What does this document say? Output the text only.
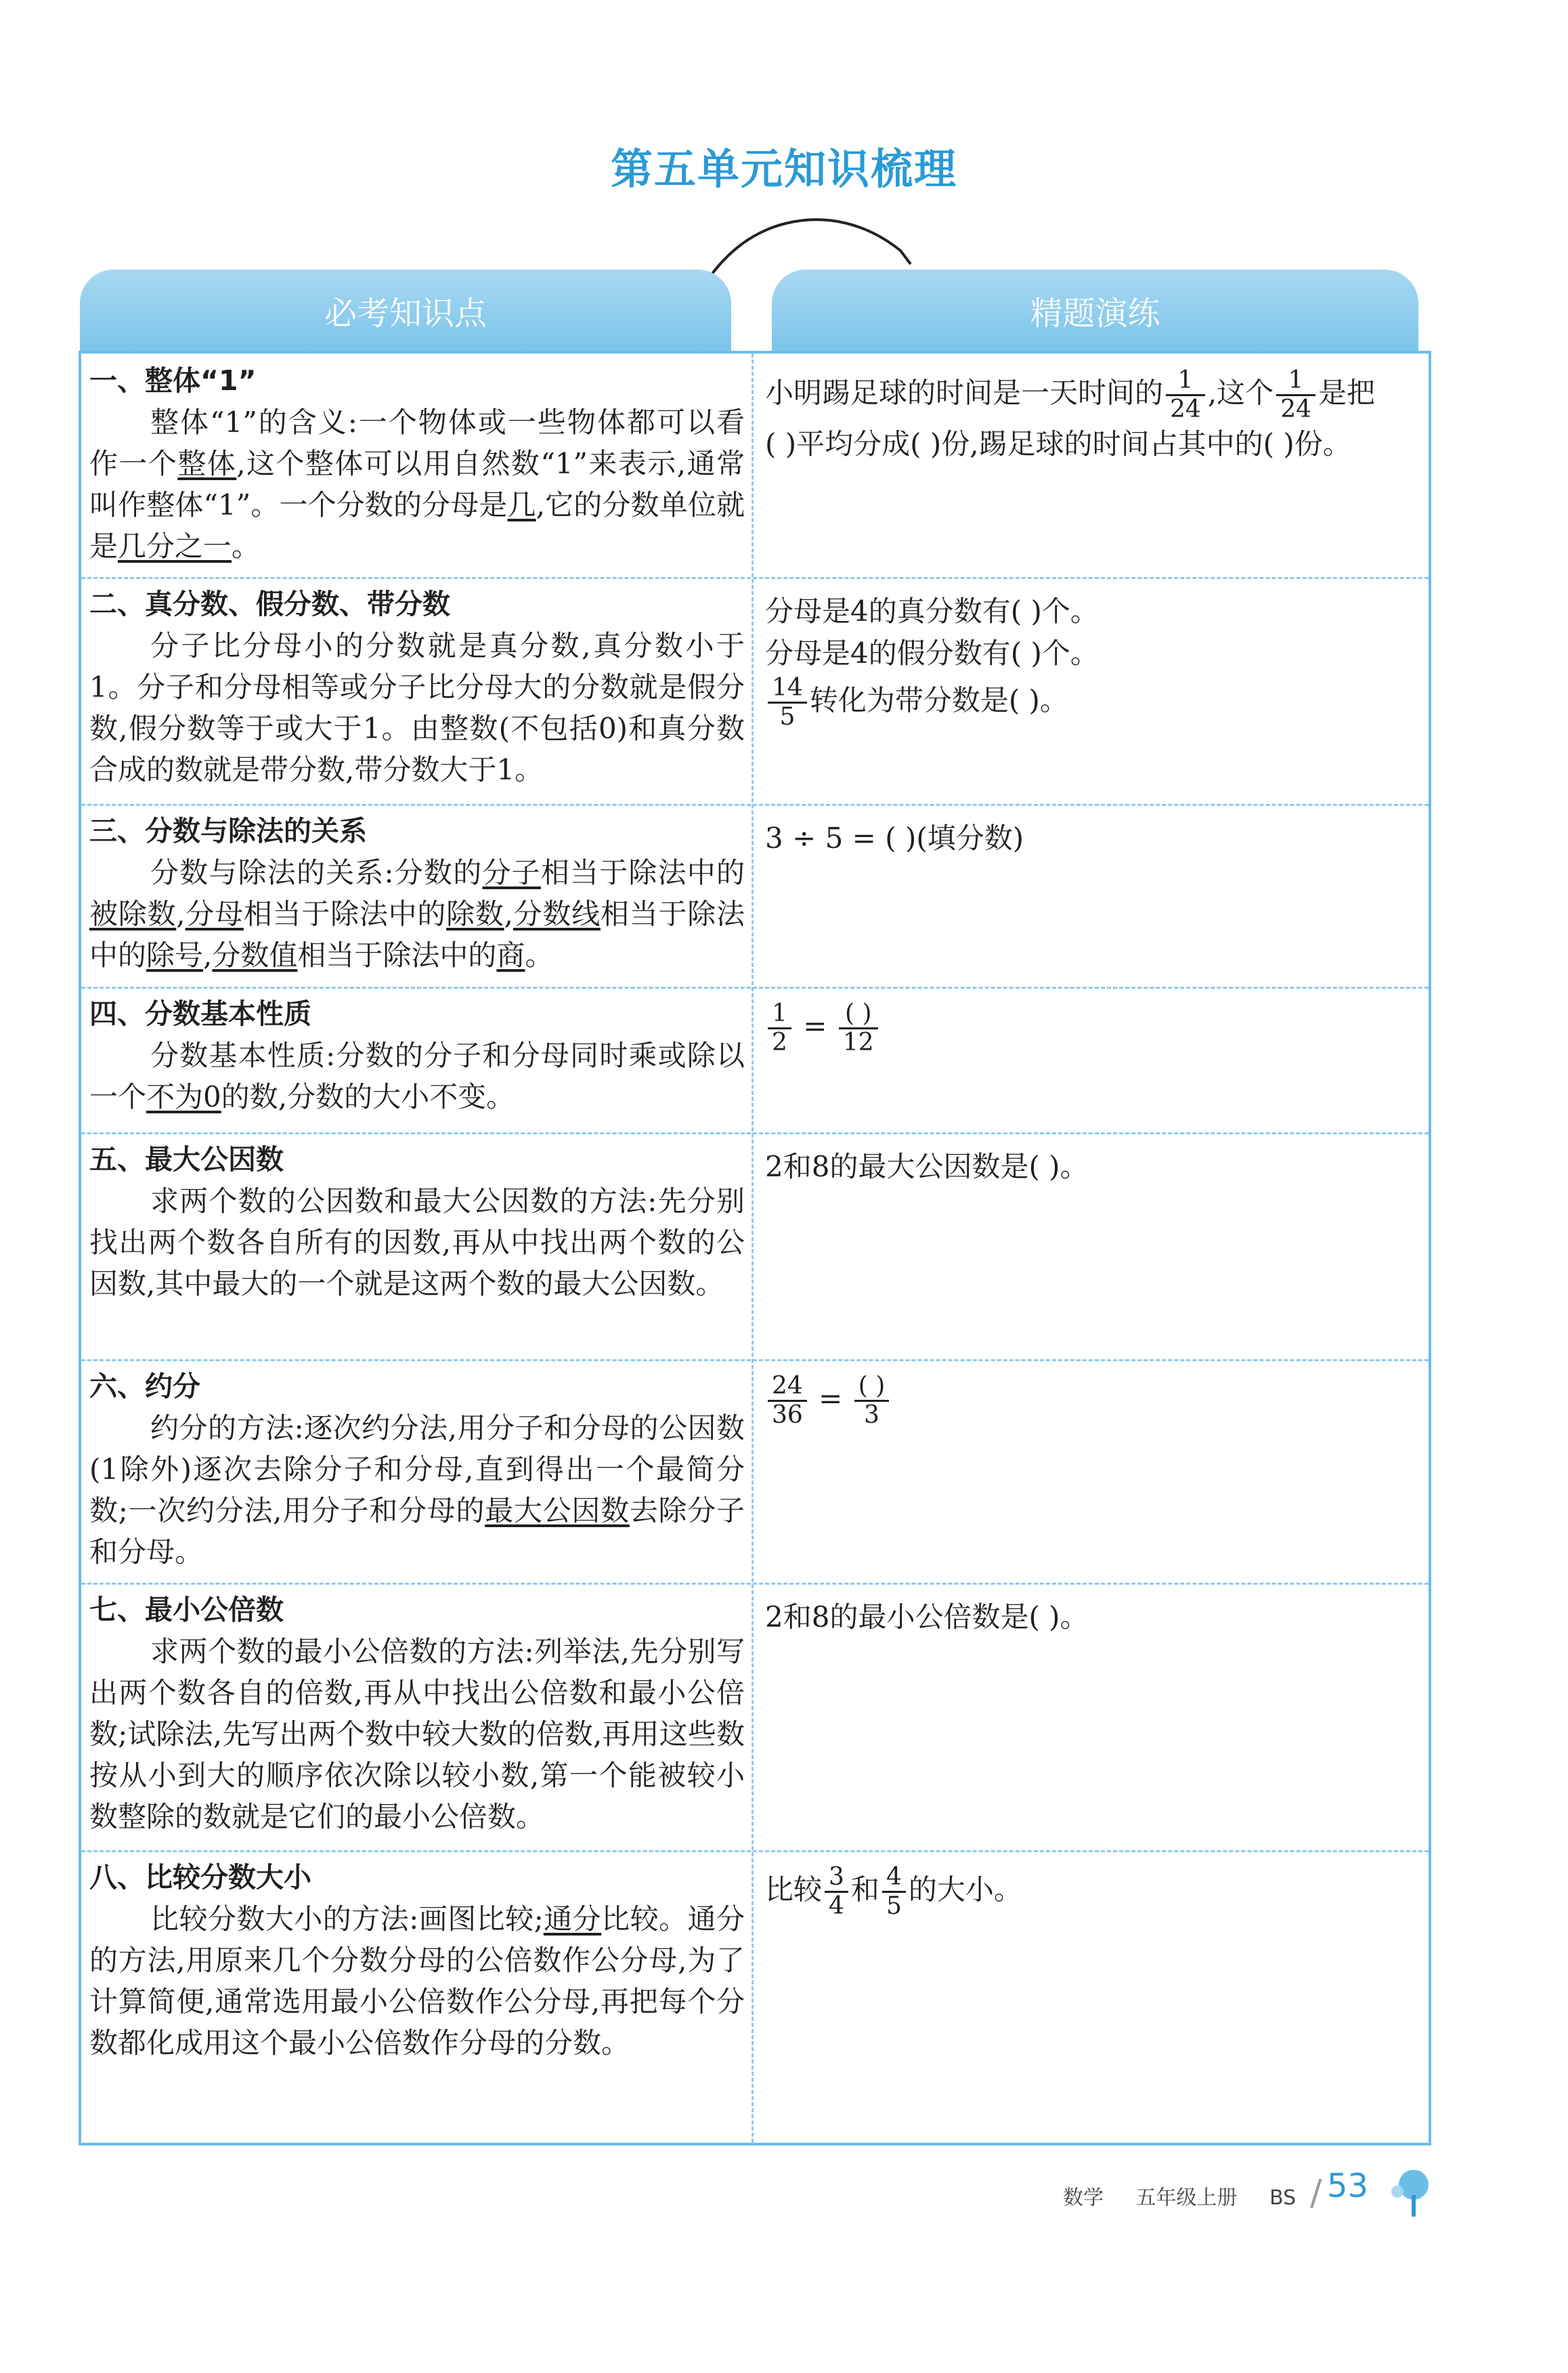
第五单元知识梳理
必考知识点	精题演练
一、整体“1”
整体“1”的含义:一个物体或一些物体都可以看作一个整体,这个整体可以用自然数“1”来表示,通常叫作整体“1”。一个分数的分母是几,它的分数单位就是几分之一。
小明踢足球的时间是一天时间的 $\frac{1}{24}$ ,这个 $\frac{1}{24}$ 是把
( )平均分成( )份,踢足球的时间占其中的( )份。
二、真分数、假分数、带分数
分子比分母小的分数就是真分数,真分数小于1。分子和分母相等或分子比分母大的分数就是假分数,假分数等于或大于1。由整数(不包括0)和真分数合成的数就是带分数,带分数大于1。
分母是4的真分数有( )个。
分母是4的假分数有( )个。
$\frac{14}{5}$ 转化为带分数是( )。
三、分数与除法的关系
分数与除法的关系:分数的分子相当于除法中的被除数,分母相当于除法中的除数,分数线相当于除法中的除号,分数值相当于除法中的商。
3 ÷ 5 = ( )(填分数)
四、分数基本性质
分数基本性质:分数的分子和分母同时乘或除以一个不为0的数,分数的大小不变。
$\frac{1}{2} = \frac{( )}{12}$
五、最大公因数
求两个数的公因数和最大公因数的方法:先分别找出两个数各自所有的因数,再从中找出两个数的公因数,其中最大的一个就是这两个数的最大公因数。
2和8的最大公因数是( )。
六、约分
约分的方法:逐次约分法,用分子和分母的公因数(1除外)逐次去除分子和分母,直到得出一个最简分数;一次约分法,用分子和分母的最大公因数去除分子和分母。
$\frac{24}{36} = \frac{( )}{3}$
七、最小公倍数
求两个数的最小公倍数的方法:列举法,先分别写出两个数各自的倍数,再从中找出公倍数和最小公倍数;试除法,先写出两个数中较大数的倍数,再用这些数按从小到大的顺序依次除以较小数,第一个能被较小数整除的数就是它们的最小公倍数。
2和8的最小公倍数是( )。
八、比较分数大小
比较分数大小的方法:画图比较;通分比较。通分的方法,用原来几个分数分母的公倍数作公分母,为了计算简便,通常选用最小公倍数作公分母,再把每个分数都化成用这个最小公倍数作分母的分数。
比较 $\frac{3}{4}$ 和 $\frac{4}{5}$ 的大小。
数学 五年级上册 BS / 53
